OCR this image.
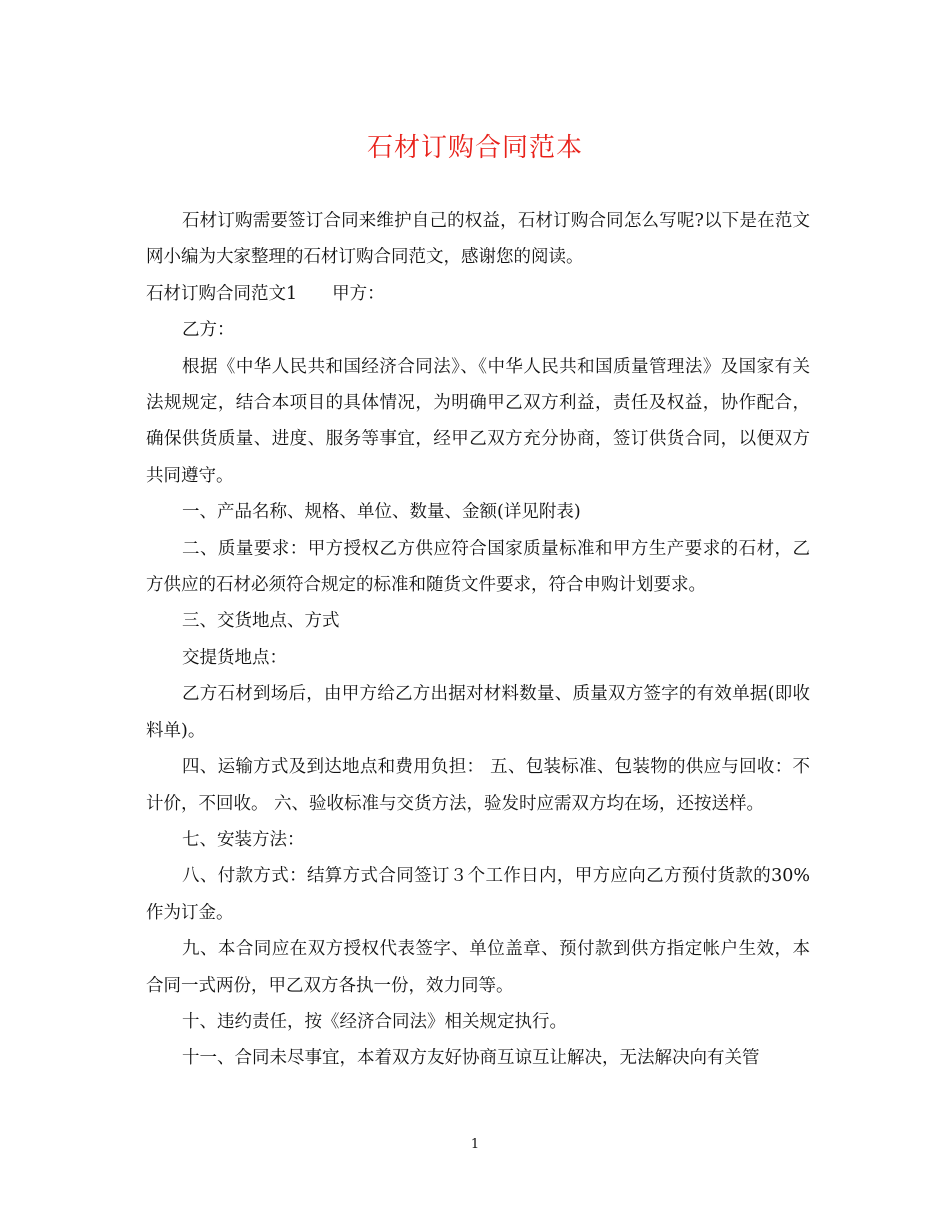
石材订购合同范本

石材订购需要签订合同来维护自己的权益，石材订购合同怎么写呢?以下是在范文网小编为大家整理的石材订购合同范文，感谢您的阅读。

石材订购合同范文1　　甲方：

乙方：

根据《中华人民共和国经济合同法》、《中华人民共和国质量管理法》及国家有关法规规定，结合本项目的具体情况，为明确甲乙双方利益，责任及权益，协作配合，确保供货质量、进度、服务等事宜，经甲乙双方充分协商，签订供货合同，以便双方共同遵守。

一、产品名称、规格、单位、数量、金额(详见附表)

二、质量要求：甲方授权乙方供应符合国家质量标准和甲方生产要求的石材，乙方供应的石材必须符合规定的标准和随货文件要求，符合申购计划要求。

三、交货地点、方式

交提货地点：

乙方石材到场后，由甲方给乙方出据对材料数量、质量双方签字的有效单据(即收料单)。

四、运输方式及到达地点和费用负担： 五、包装标准、包装物的供应与回收：不计价，不回收。 六、验收标准与交货方法，验发时应需双方均在场，还按送样。

七、安装方法：

八、付款方式：结算方式合同签订３个工作日内，甲方应向乙方预付货款的30%作为订金。

九、本合同应在双方授权代表签字、单位盖章、预付款到供方指定帐户生效，本合同一式两份，甲乙双方各执一份，效力同等。

十、违约责任，按《经济合同法》相关规定执行。

十一、合同未尽事宜，本着双方友好协商互谅互让解决，无法解决向有关管

1
